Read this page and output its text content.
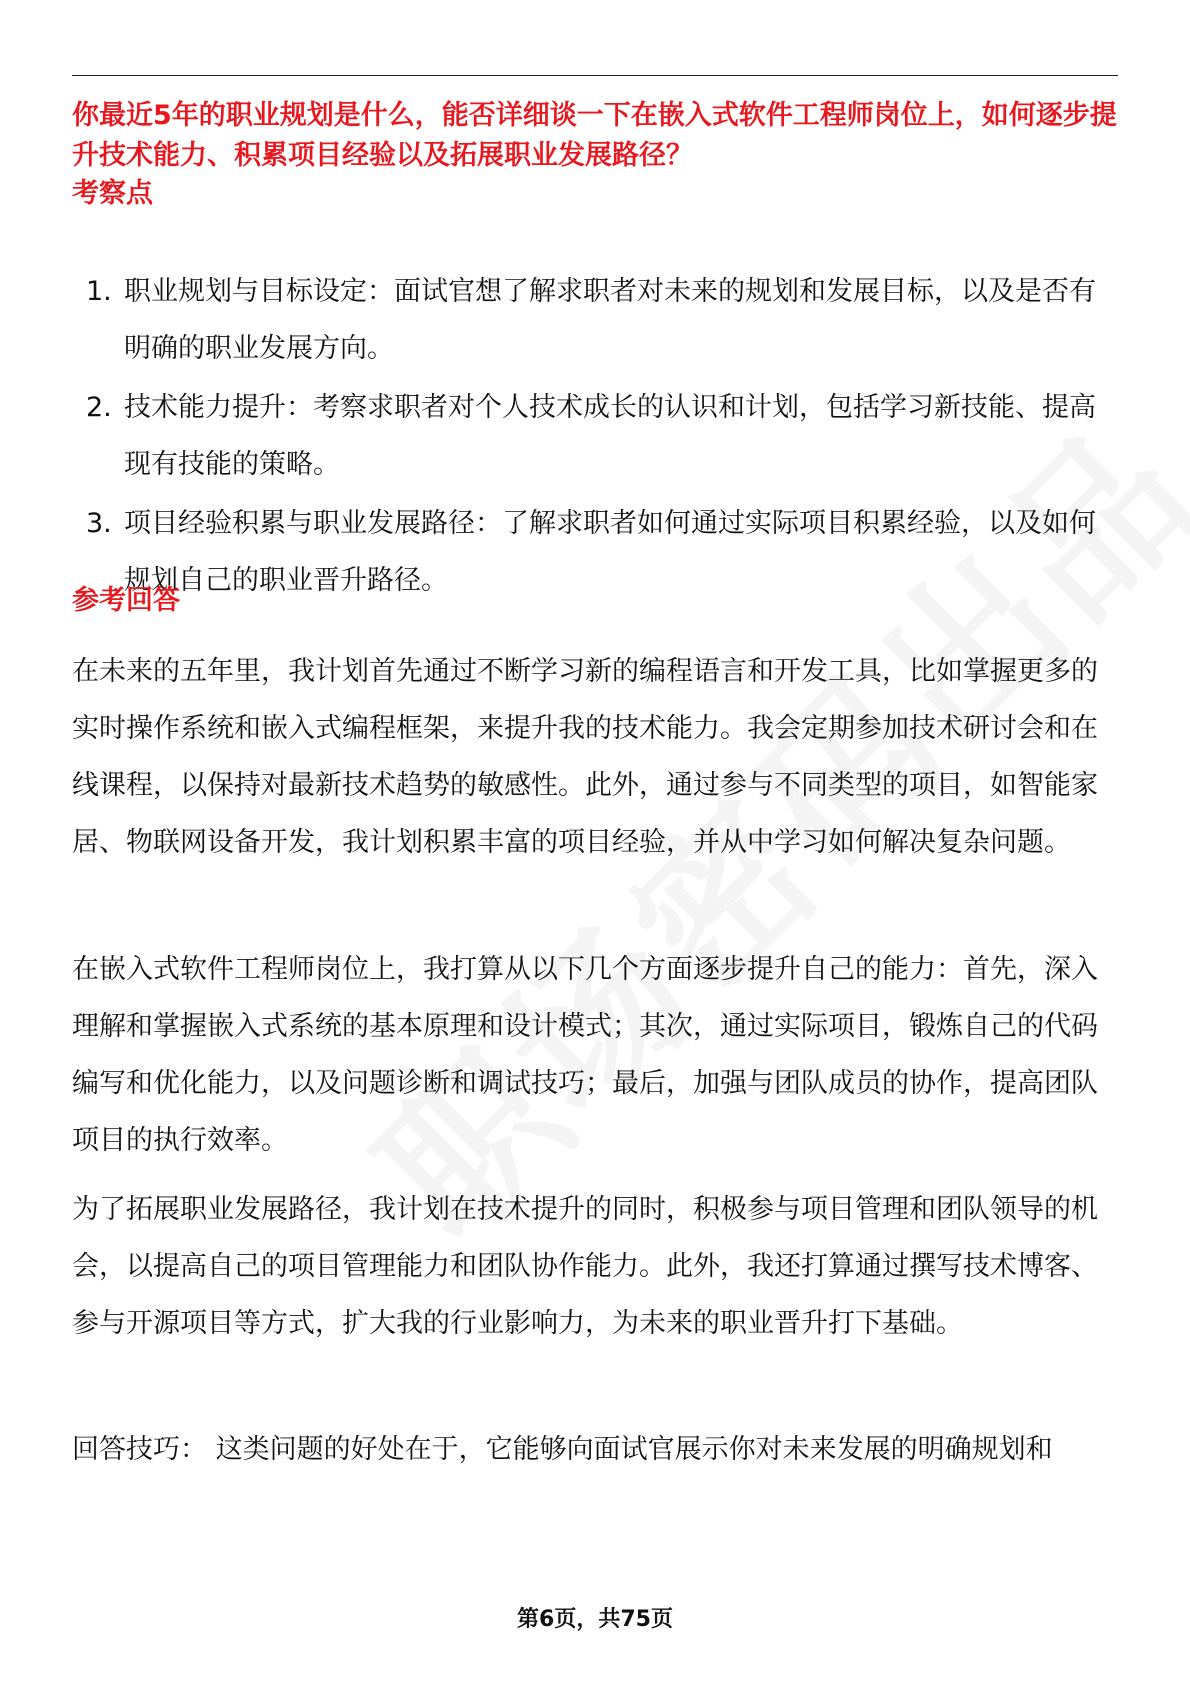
你最近5年的职业规划是什么，能否详细谈一下在嵌入式软件工程师岗位上，如何逐步提升技术能力、积累项目经验以及拓展职业发展路径？

考察点

1. 职业规划与目标设定：面试官想了解求职者对未来的规划和发展目标，以及是否有明确的职业发展方向。
2. 技术能力提升：考察求职者对个人技术成长的认识和计划，包括学习新技能、提高现有技能的策略。
3. 项目经验积累与职业发展路径：了解求职者如何通过实际项目积累经验，以及如何规划自己的职业晋升路径。

参考回答

在未来的五年里，我计划首先通过不断学习新的编程语言和开发工具，比如掌握更多的实时操作系统和嵌入式编程框架，来提升我的技术能力。我会定期参加技术研讨会和在线课程，以保持对最新技术趋势的敏感性。此外，通过参与不同类型的项目，如智能家居、物联网设备开发，我计划积累丰富的项目经验，并从中学习如何解决复杂问题。

在嵌入式软件工程师岗位上，我打算从以下几个方面逐步提升自己的能力：首先，深入理解和掌握嵌入式系统的基本原理和设计模式；其次，通过实际项目，锻炼自己的代码编写和优化能力，以及问题诊断和调试技巧；最后，加强与团队成员的协作，提高团队项目的执行效率。

为了拓展职业发展路径，我计划在技术提升的同时，积极参与项目管理和团队领导的机会，以提高自己的项目管理能力和团队协作能力。此外，我还打算通过撰写技术博客、参与开源项目等方式，扩大我的行业影响力，为未来的职业晋升打下基础。

回答技巧： 这类问题的好处在于，它能够向面试官展示你对未来发展的明确规划和

第6页，共75页
